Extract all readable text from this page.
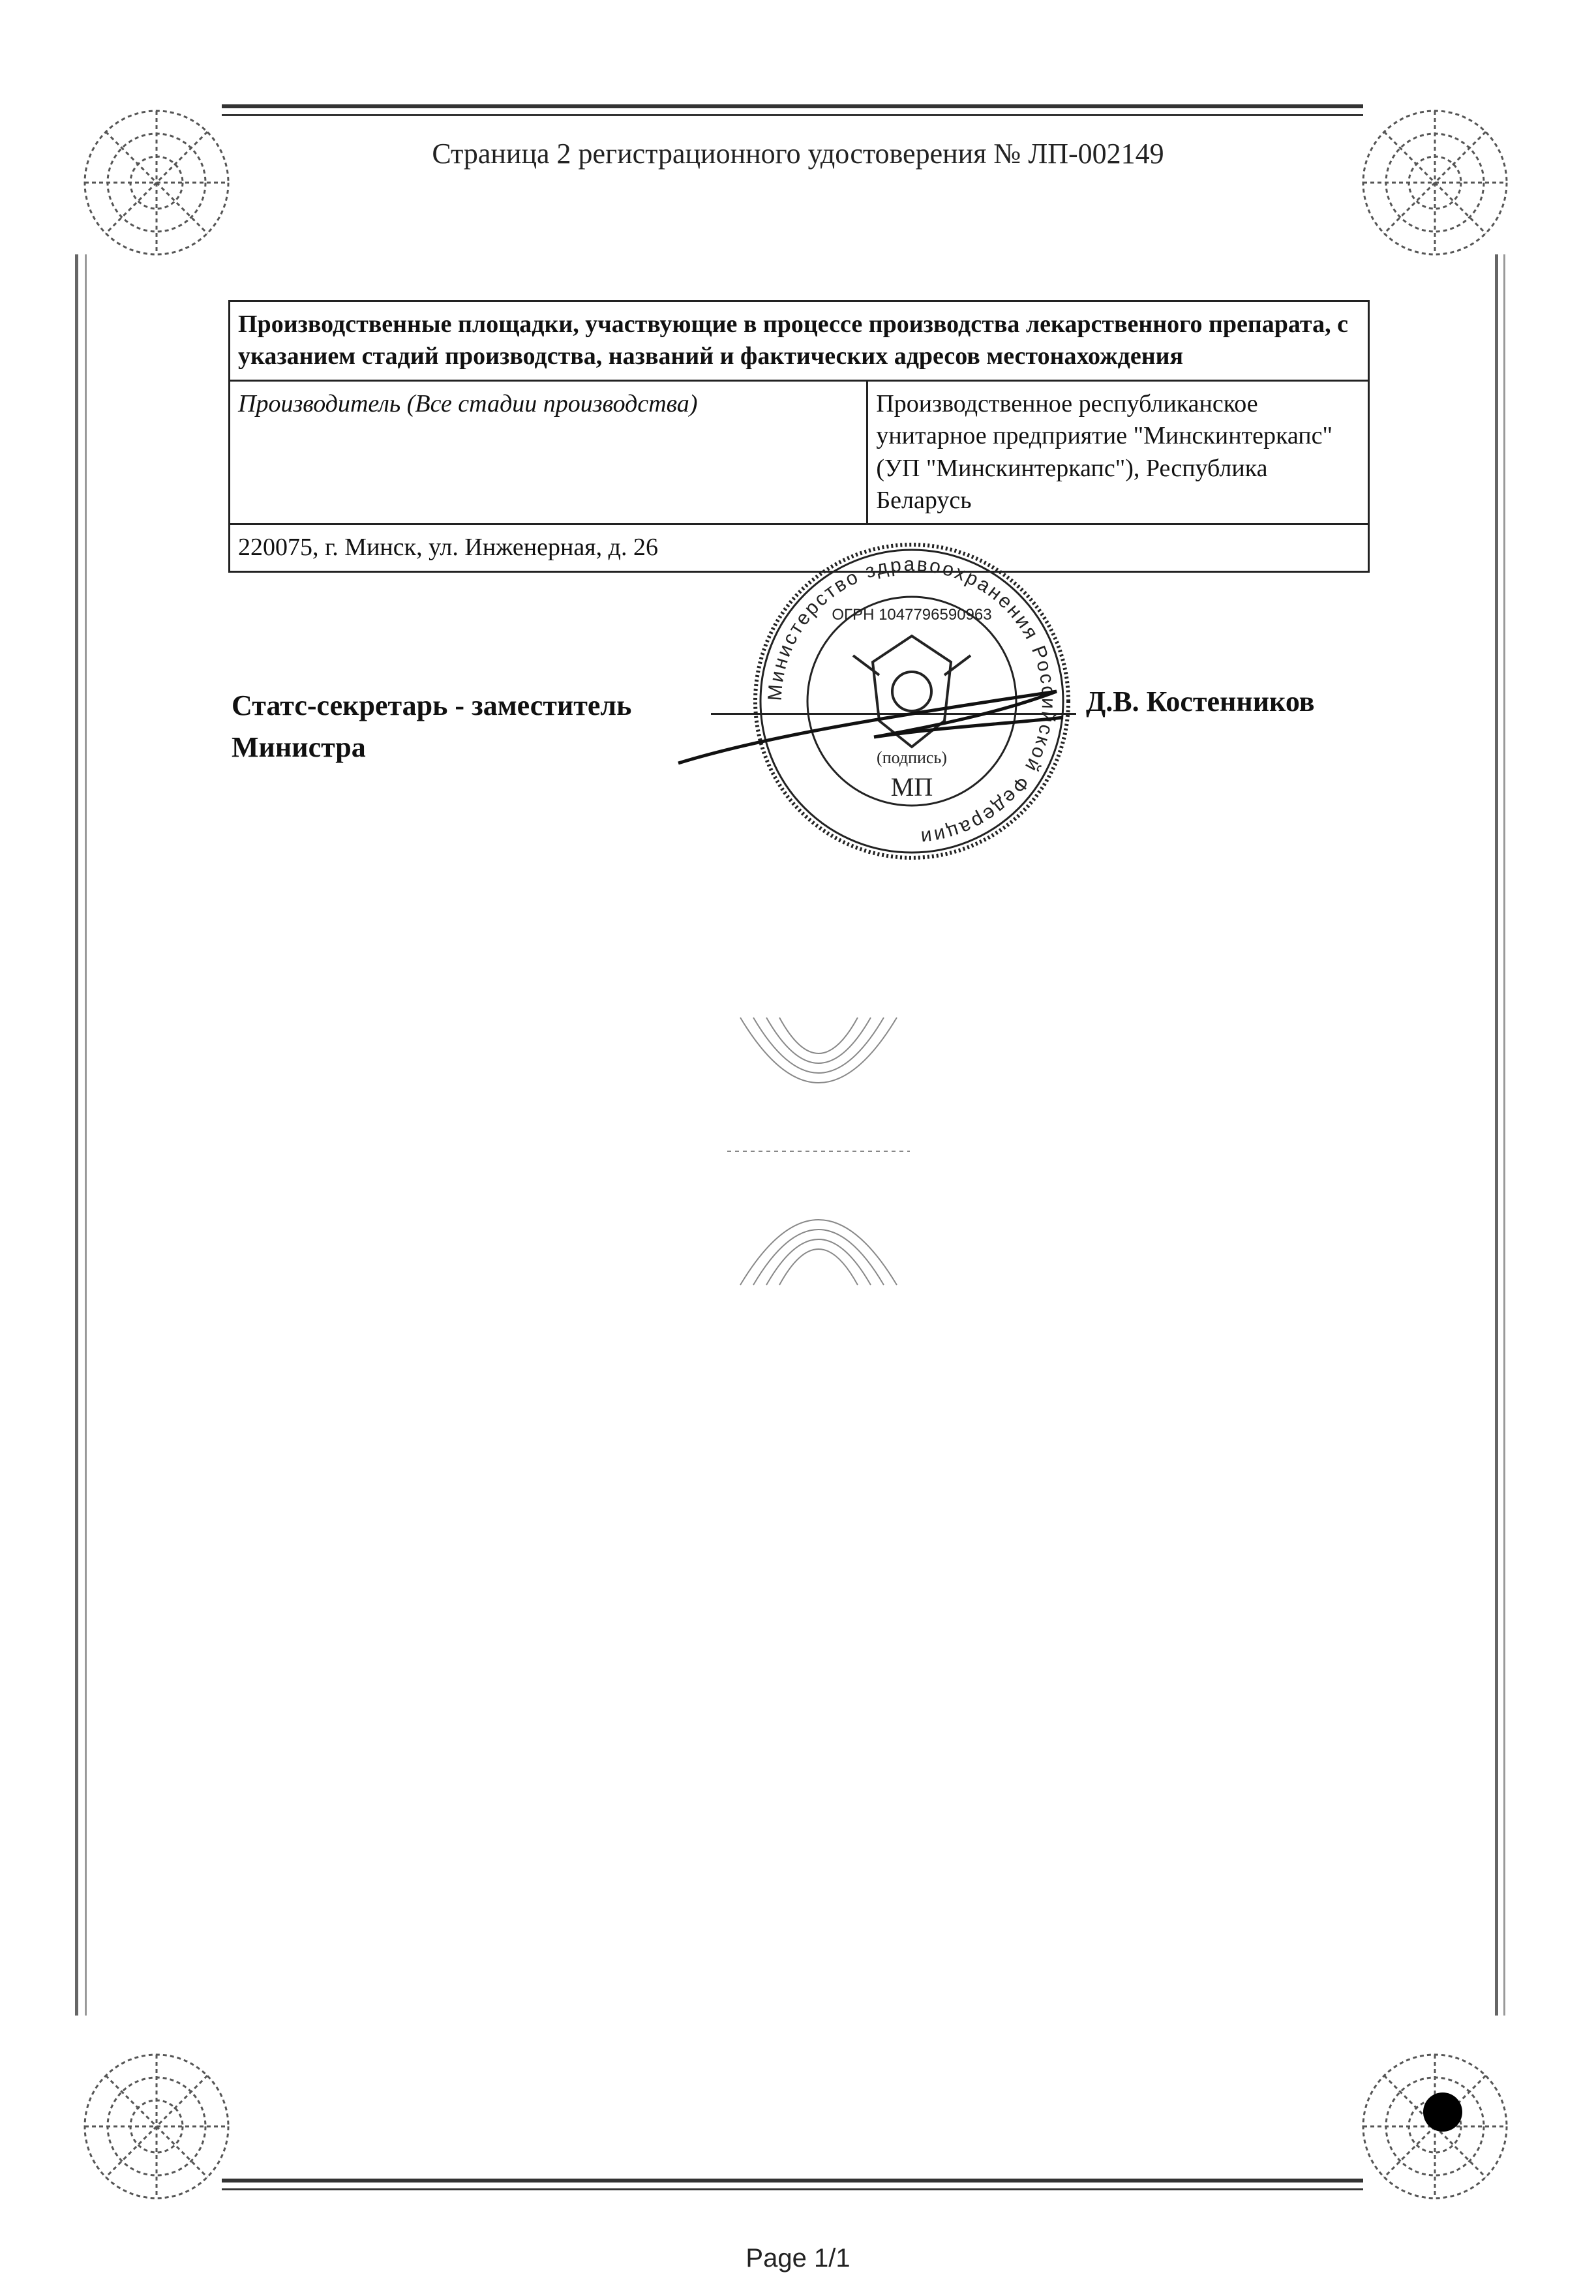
Страница 2 регистрационного удостоверения № ЛП-002149
Производственные площадки, участвующие в процессе производства лекарственного препарата, с указанием стадий производства, названий и фактических адресов местонахождения
Производитель (Все стадии производства)	Производственное республиканское унитарное предприятие "Минскинтеркапс" (УП "Минскинтеркапс"), Республика Беларусь
220075, г. Минск, ул. Инженерная, д. 26
Статс-секретарь - заместитель
Министра
Д.В. Костенников
Министерство здравоохранения Российской Федерации
ОГРН 1047796590963
(подпись)
МП
Page 1/1
